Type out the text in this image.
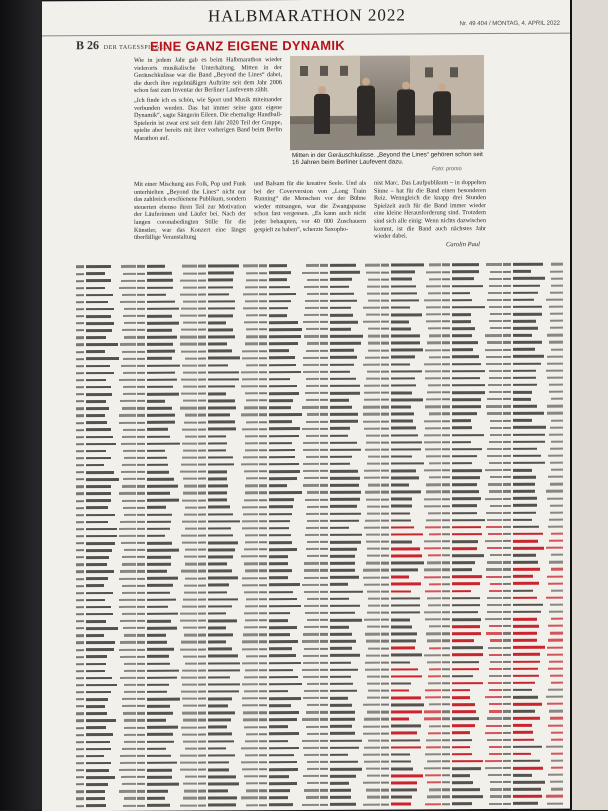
HALBMARATHON 2022	Nr. 49 404 / MONTAG, 4. APRIL 2022
B 26 DER TAGESSPIEGEL
EINE GANZ EIGENE DYNAMIK

Wie in jedem Jahr gab es beim Halbmarathon wieder vielerorts musikalische Unterhaltung. Mitten in der Geräuschkulisse war die Band „Beyond the Lines“ dabei, die durch ihre regelmäßigen Auftritte seit dem Jahr 2006 schon fast zum Inventar der Berliner Laufevents zählt.

„Ich finde ich es schön, wie Sport und Musik miteinander verbunden werden. Das hat immer seine ganz eigene Dynamik“, sagte Sängerin Eileen. Die ehemalige Handball-Spielerin ist zwar erst seit dem Jahr 2020 Teil der Gruppe, spielte aber bereits mit ihrer vorherigen Band beim Berlin Marathon auf.

Mitten in der Geräuschkulisse. „Beyond the Lines“ gehören schon seit 16 Jahren beim Berliner Laufevent dazu.
Foto: promo

Mit einer Mischung aus Folk, Pop und Funk unterhielten „Beyond the Lines“ nicht nur das zahlreich erschienene Publikum, sondern steuerten ebenso ihren Teil zur Motivation der Läuferinnen und Läufer bei. Nach der langen coronabedingten Stille für die Künstler, war das Konzert eine längst überfällige Veranstaltung

und Balsam für die kreative Seele. Und als bei der Coverversion von „Long Train Running“ die Menschen vor der Bühne wieder mitsangen, war die Zwangspause schon fast vergessen. „Es kann auch nicht jeder behaupten, vor 40 000 Zuschauern gespielt zu haben“, scherzte Saxopho-

nist Marc. Das Laufpublikum – in doppelten Sinne – hat für die Band einen besonderen Reiz. Wenngleich die knapp drei Stunden Spielzeit auch für die Band immer wieder eine kleine Herausforderung sind. Trotzdem sind sich alle einig: Wenn nichts dazwischen kommt, ist die Band auch nächstes Jahr wieder dabei.

Carolin Paul
